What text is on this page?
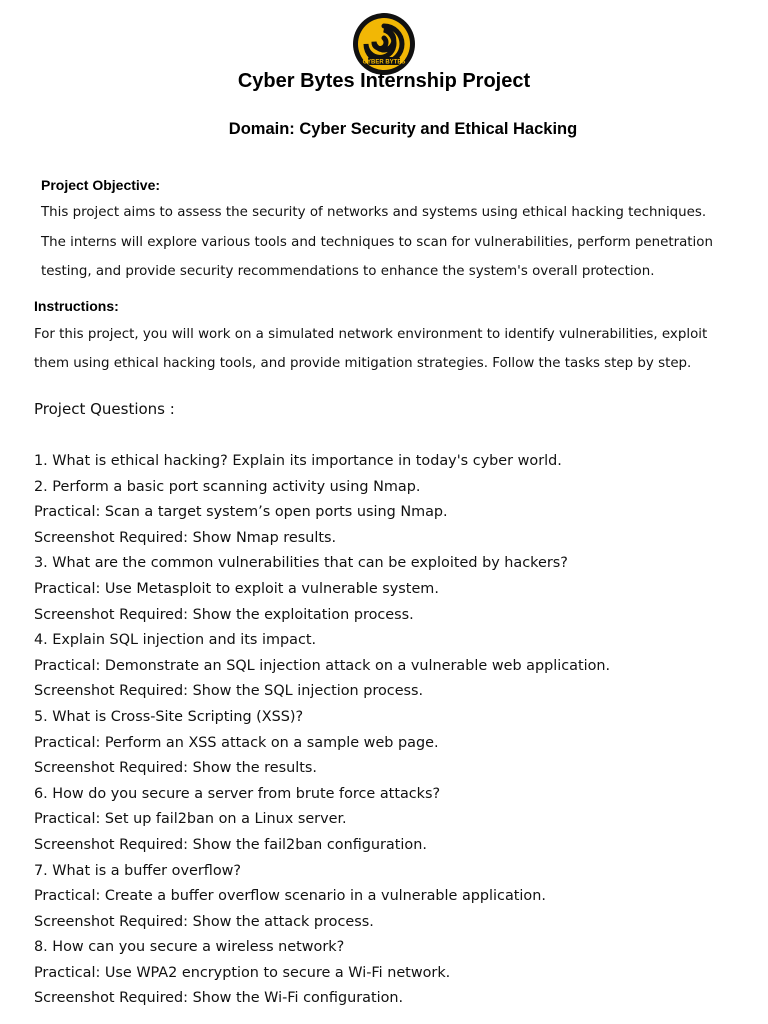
CYBER BYTES
Cyber Bytes Internship Project
Domain: Cyber Security and Ethical Hacking
Project Objective:
This project aims to assess the security of networks and systems using ethical hacking techniques.
The interns will explore various tools and techniques to scan for vulnerabilities, perform penetration
testing, and provide security recommendations to enhance the system's overall protection.
Instructions:
For this project, you will work on a simulated network environment to identify vulnerabilities, exploit
them using ethical hacking tools, and provide mitigation strategies. Follow the tasks step by step.
Project Questions :
1. What is ethical hacking? Explain its importance in today's cyber world.
2. Perform a basic port scanning activity using Nmap.
Practical: Scan a target system’s open ports using Nmap.
Screenshot Required: Show Nmap results.
3. What are the common vulnerabilities that can be exploited by hackers?
Practical: Use Metasploit to exploit a vulnerable system.
Screenshot Required: Show the exploitation process.
4. Explain SQL injection and its impact.
Practical: Demonstrate an SQL injection attack on a vulnerable web application.
Screenshot Required: Show the SQL injection process.
5. What is Cross-Site Scripting (XSS)?
Practical: Perform an XSS attack on a sample web page.
Screenshot Required: Show the results.
6. How do you secure a server from brute force attacks?
Practical: Set up fail2ban on a Linux server.
Screenshot Required: Show the fail2ban configuration.
7. What is a buffer overflow?
Practical: Create a buffer overflow scenario in a vulnerable application.
Screenshot Required: Show the attack process.
8. How can you secure a wireless network?
Practical: Use WPA2 encryption to secure a Wi-Fi network.
Screenshot Required: Show the Wi-Fi configuration.
